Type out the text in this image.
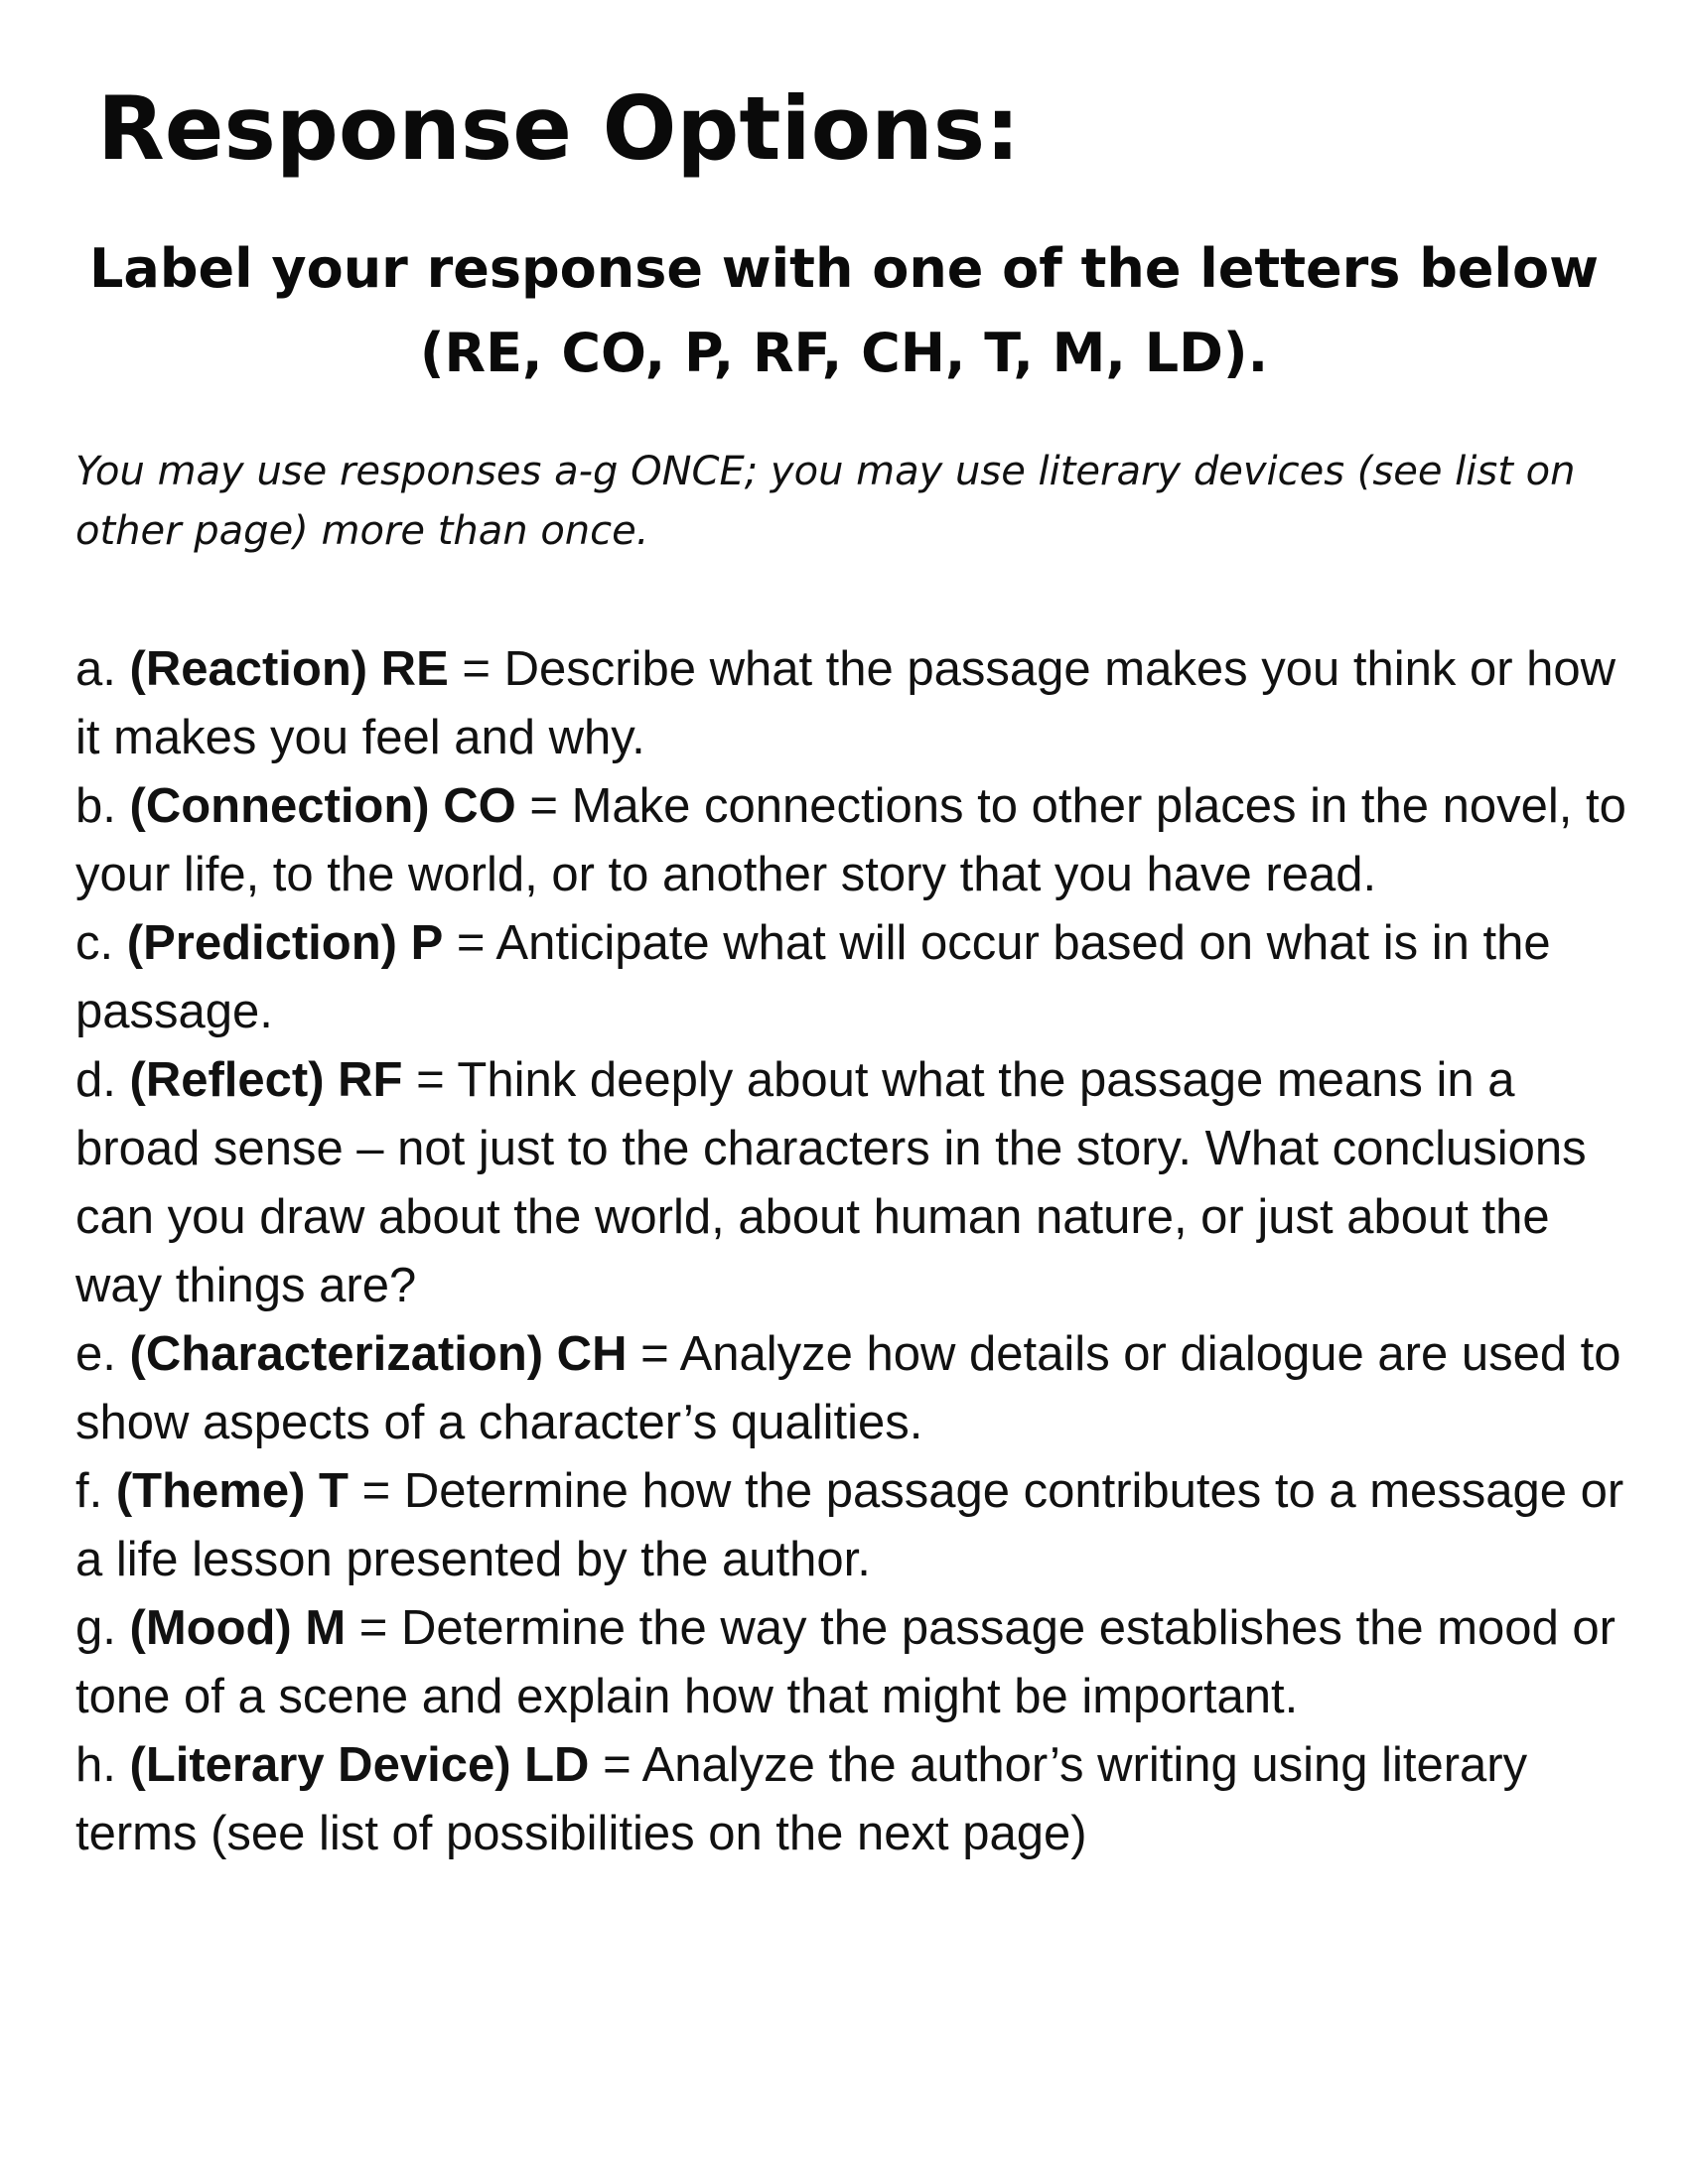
Response Options:
Label your response with one of the letters below (RE, CO, P, RF, CH, T, M, LD).

You may use responses a-g ONCE; you may use literary devices (see list on other page) more than once.

a. (Reaction) RE = Describe what the passage makes you think or how it makes you feel and why.
b. (Connection) CO = Make connections to other places in the novel, to your life, to the world, or to another story that you have read.
c. (Prediction) P = Anticipate what will occur based on what is in the passage.
d. (Reflect) RF = Think deeply about what the passage means in a broad sense – not just to the characters in the story. What conclusions can you draw about the world, about human nature, or just about the way things are?
e. (Characterization) CH = Analyze how details or dialogue are used to show aspects of a character’s qualities.
f. (Theme) T = Determine how the passage contributes to a message or a life lesson presented by the author.
g. (Mood) M = Determine the way the passage establishes the mood or tone of a scene and explain how that might be important.
h. (Literary Device) LD = Analyze the author’s writing using literary terms (see list of possibilities on the next page)
